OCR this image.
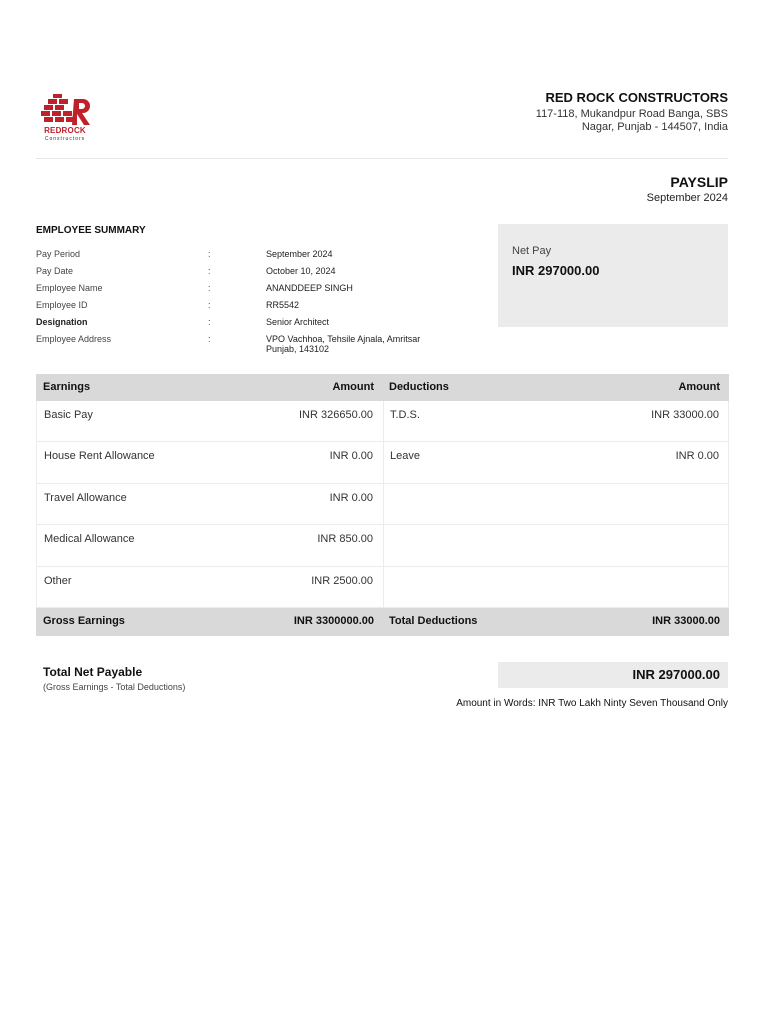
REDROCK
Constructors
RED ROCK CONSTRUCTORS
117-118, Mukandpur Road Banga, SBS Nagar, Punjab - 144507, India
PAYSLIP
September 2024
EMPLOYEE SUMMARY
Pay Period	:	September 2024
Pay Date	:	October 10, 2024
Employee Name	:	ANANDDEEP SINGH
Employee ID	:	RR5542
Designation	:	Senior Architect
Employee Address	:	VPO Vachhoa, Tehsile Ajnala, Amritsar Punjab, 143102
Net Pay
INR 297000.00
Earnings	Amount Deductions	Amount
Basic Pay	INR 326650.00 T.D.S.	INR 33000.00
House Rent Allowance	INR 0.00 Leave	INR 0.00
Travel Allowance	INR 0.00
Medical Allowance	INR 850.00
Other	INR 2500.00
Gross Earnings	INR 3300000.00 Total Deductions	INR 33000.00
Total Net Payable
(Gross Earnings - Total Deductions)
INR 297000.00
Amount in Words: INR Two Lakh Ninty Seven Thousand Only
